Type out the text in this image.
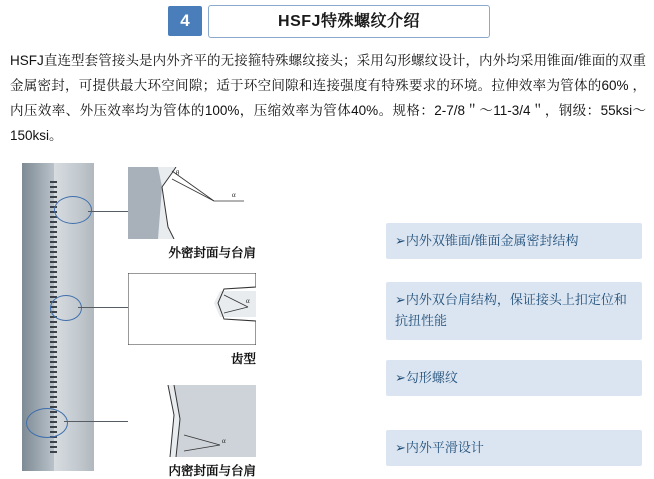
4	HSFJ特殊螺纹介绍
HSFJ直连型套管接头是内外齐平的无接箍特殊螺纹接头；采用勾形螺纹设计，内外均采用锥面/锥面的双重金属密封，可提供最大环空间隙；适于环空间隙和连接强度有特殊要求的环境。拉伸效率为管体的60% ，内压效率、外压效率均为管体的100%，压缩效率为管体40%。规格：2-7/8＂～11-3/4＂，钢级：55ksi～150ksi。
θ
α
外密封面与台肩
α
齿型
α
内密封面与台肩
➢内外双锥面/锥面金属密封结构
➢内外双台肩结构，保证接头上扣定位和抗扭性能
➢勾形螺纹
➢内外平滑设计
